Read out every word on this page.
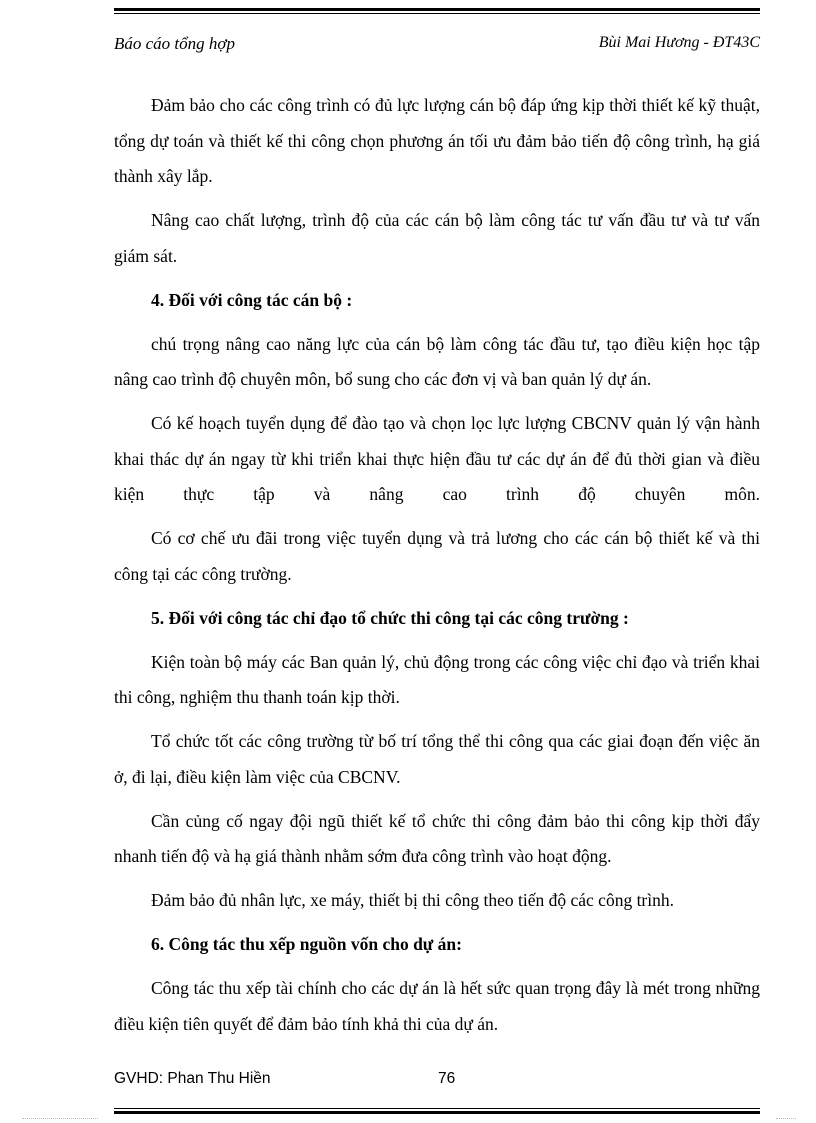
Báo cáo tổng hợp	Bùi Mai Hương - ĐT43C

Đảm bảo cho các công trình có đủ lực lượng cán bộ đáp ứng kịp thời thiết kế kỹ thuật, tổng dự toán và thiết kế thi công chọn phương án tối ưu đảm bảo tiến độ công trình, hạ giá thành xây lắp.

Nâng cao chất lượng, trình độ của các cán bộ làm công tác tư vấn đầu tư và tư vấn giám sát.

4. Đối với công tác cán bộ :

chú trọng nâng cao năng lực của cán bộ làm công tác đầu tư, tạo điều kiện học tập nâng cao trình độ chuyên môn, bổ sung cho các đơn vị và ban quản lý dự án.

Có kế hoạch tuyển dụng để đào tạo và chọn lọc lực lượng CBCNV quản lý vận hành khai thác dự án ngay từ khi triển khai thực hiện đầu tư các dự án để đủ thời gian và điều kiện thực tập và nâng cao trình độ chuyên môn.

Có cơ chế ưu đãi trong việc tuyển dụng và trả lương cho các cán bộ thiết kế và thi công tại các công trường.

5. Đối với công tác chỉ đạo tổ chức thi công tại các công trường :

Kiện toàn bộ máy các Ban quản lý, chủ động trong các công việc chỉ đạo và triển khai thi công, nghiệm thu thanh toán kịp thời.

Tổ chức tốt các công trường từ bố trí tổng thể thi công qua các giai đoạn đến việc ăn ở, đi lại, điều kiện làm việc của CBCNV.

Cần củng cố ngay đội ngũ thiết kế tổ chức thi công đảm bảo thi công kịp thời đẩy nhanh tiến độ và hạ giá thành nhằm sớm đưa công trình vào hoạt động.

Đảm bảo đủ nhân lực, xe máy, thiết bị thi công theo tiến độ các công trình.

6. Công tác thu xếp nguồn vốn cho dự án:

Công tác thu xếp tài chính cho các dự án là hết sức quan trọng đây là mét trong những điều kiện tiên quyết để đảm bảo tính khả thi của dự án.

GVHD: Phan Thu Hiền	76
